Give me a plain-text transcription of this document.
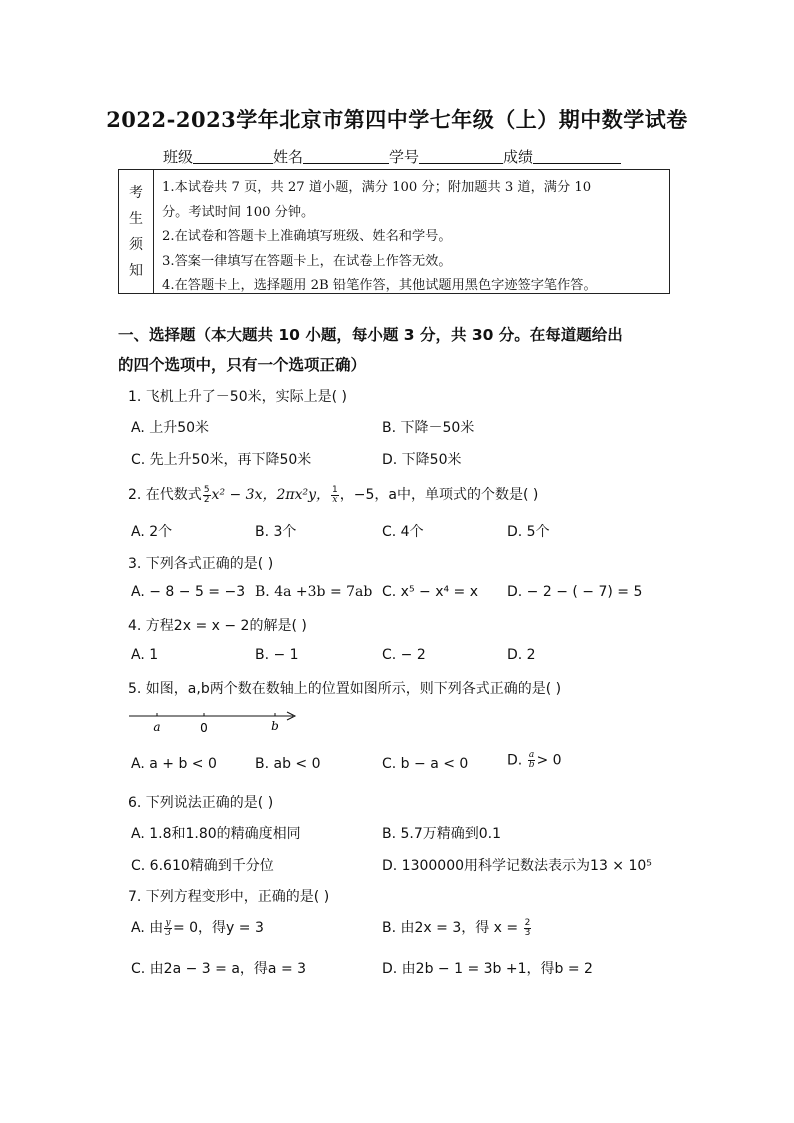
2022-2023学年北京市第四中学七年级（上）期中数学试卷
班级	姓名	学号	成绩
考
生
须
知
1.本试卷共 7 页，共 27 道小题，满分 100 分；附加题共 3 道，满分 10
分。考试时间 100 分钟。
2.在试卷和答题卡上准确填写班级、姓名和学号。
3.答案一律填写在答题卡上，在试卷上作答无效。
4.在答题卡上，选择题用 2B 铅笔作答，其他试题用黑色字迹签字笔作答。
一、选择题（本大题共 10 小题，每小题 3 分，共 30 分。在每道题给出
的四个选项中，只有一个选项正确）
1. 飞机上升了－50米，实际上是( )
A. 上升50米	B. 下降－50米
C. 先上升50米，再下降50米	D. 下降50米
2. 在代数式 $\frac{5}{2} x^2 - 3x$，2πx²y， $\frac{1}{x}$ ，−5，a中，单项式的个数是( )
A. 2个	B. 3个	C. 4个	D. 5个
3. 下列各式正确的是( )
A. − 8 − 5 = −3 B. 4a +3b = 7ab C. x⁵ − x⁴ = x D. − 2 − ( − 7) = 5
4. 方程2x = x − 2的解是( )
A. 1	B. − 1	C. − 2	D. 2
5. 如图，a,b两个数在数轴上的位置如图所示，则下列各式正确的是( )
a	0	b
A. a + b < 0	B. ab < 0	C. b − a < 0	D. $\frac{a}{b} > 0$
6. 下列说法正确的是( )
A. 1.8和1.80的精确度相同	B. 5.7万精确到0.1
C. 6.610精确到千分位	D. 1300000用科学记数法表示为13 × 10⁵
7. 下列方程变形中，正确的是( )
A. 由 $\frac{y}{3} = 0$，得y = 3	B. 由2x = 3，得 $x = \frac{2}{3}$
C. 由2a − 3 = a，得a = 3	D. 由2b − 1 = 3b +1，得b = 2
